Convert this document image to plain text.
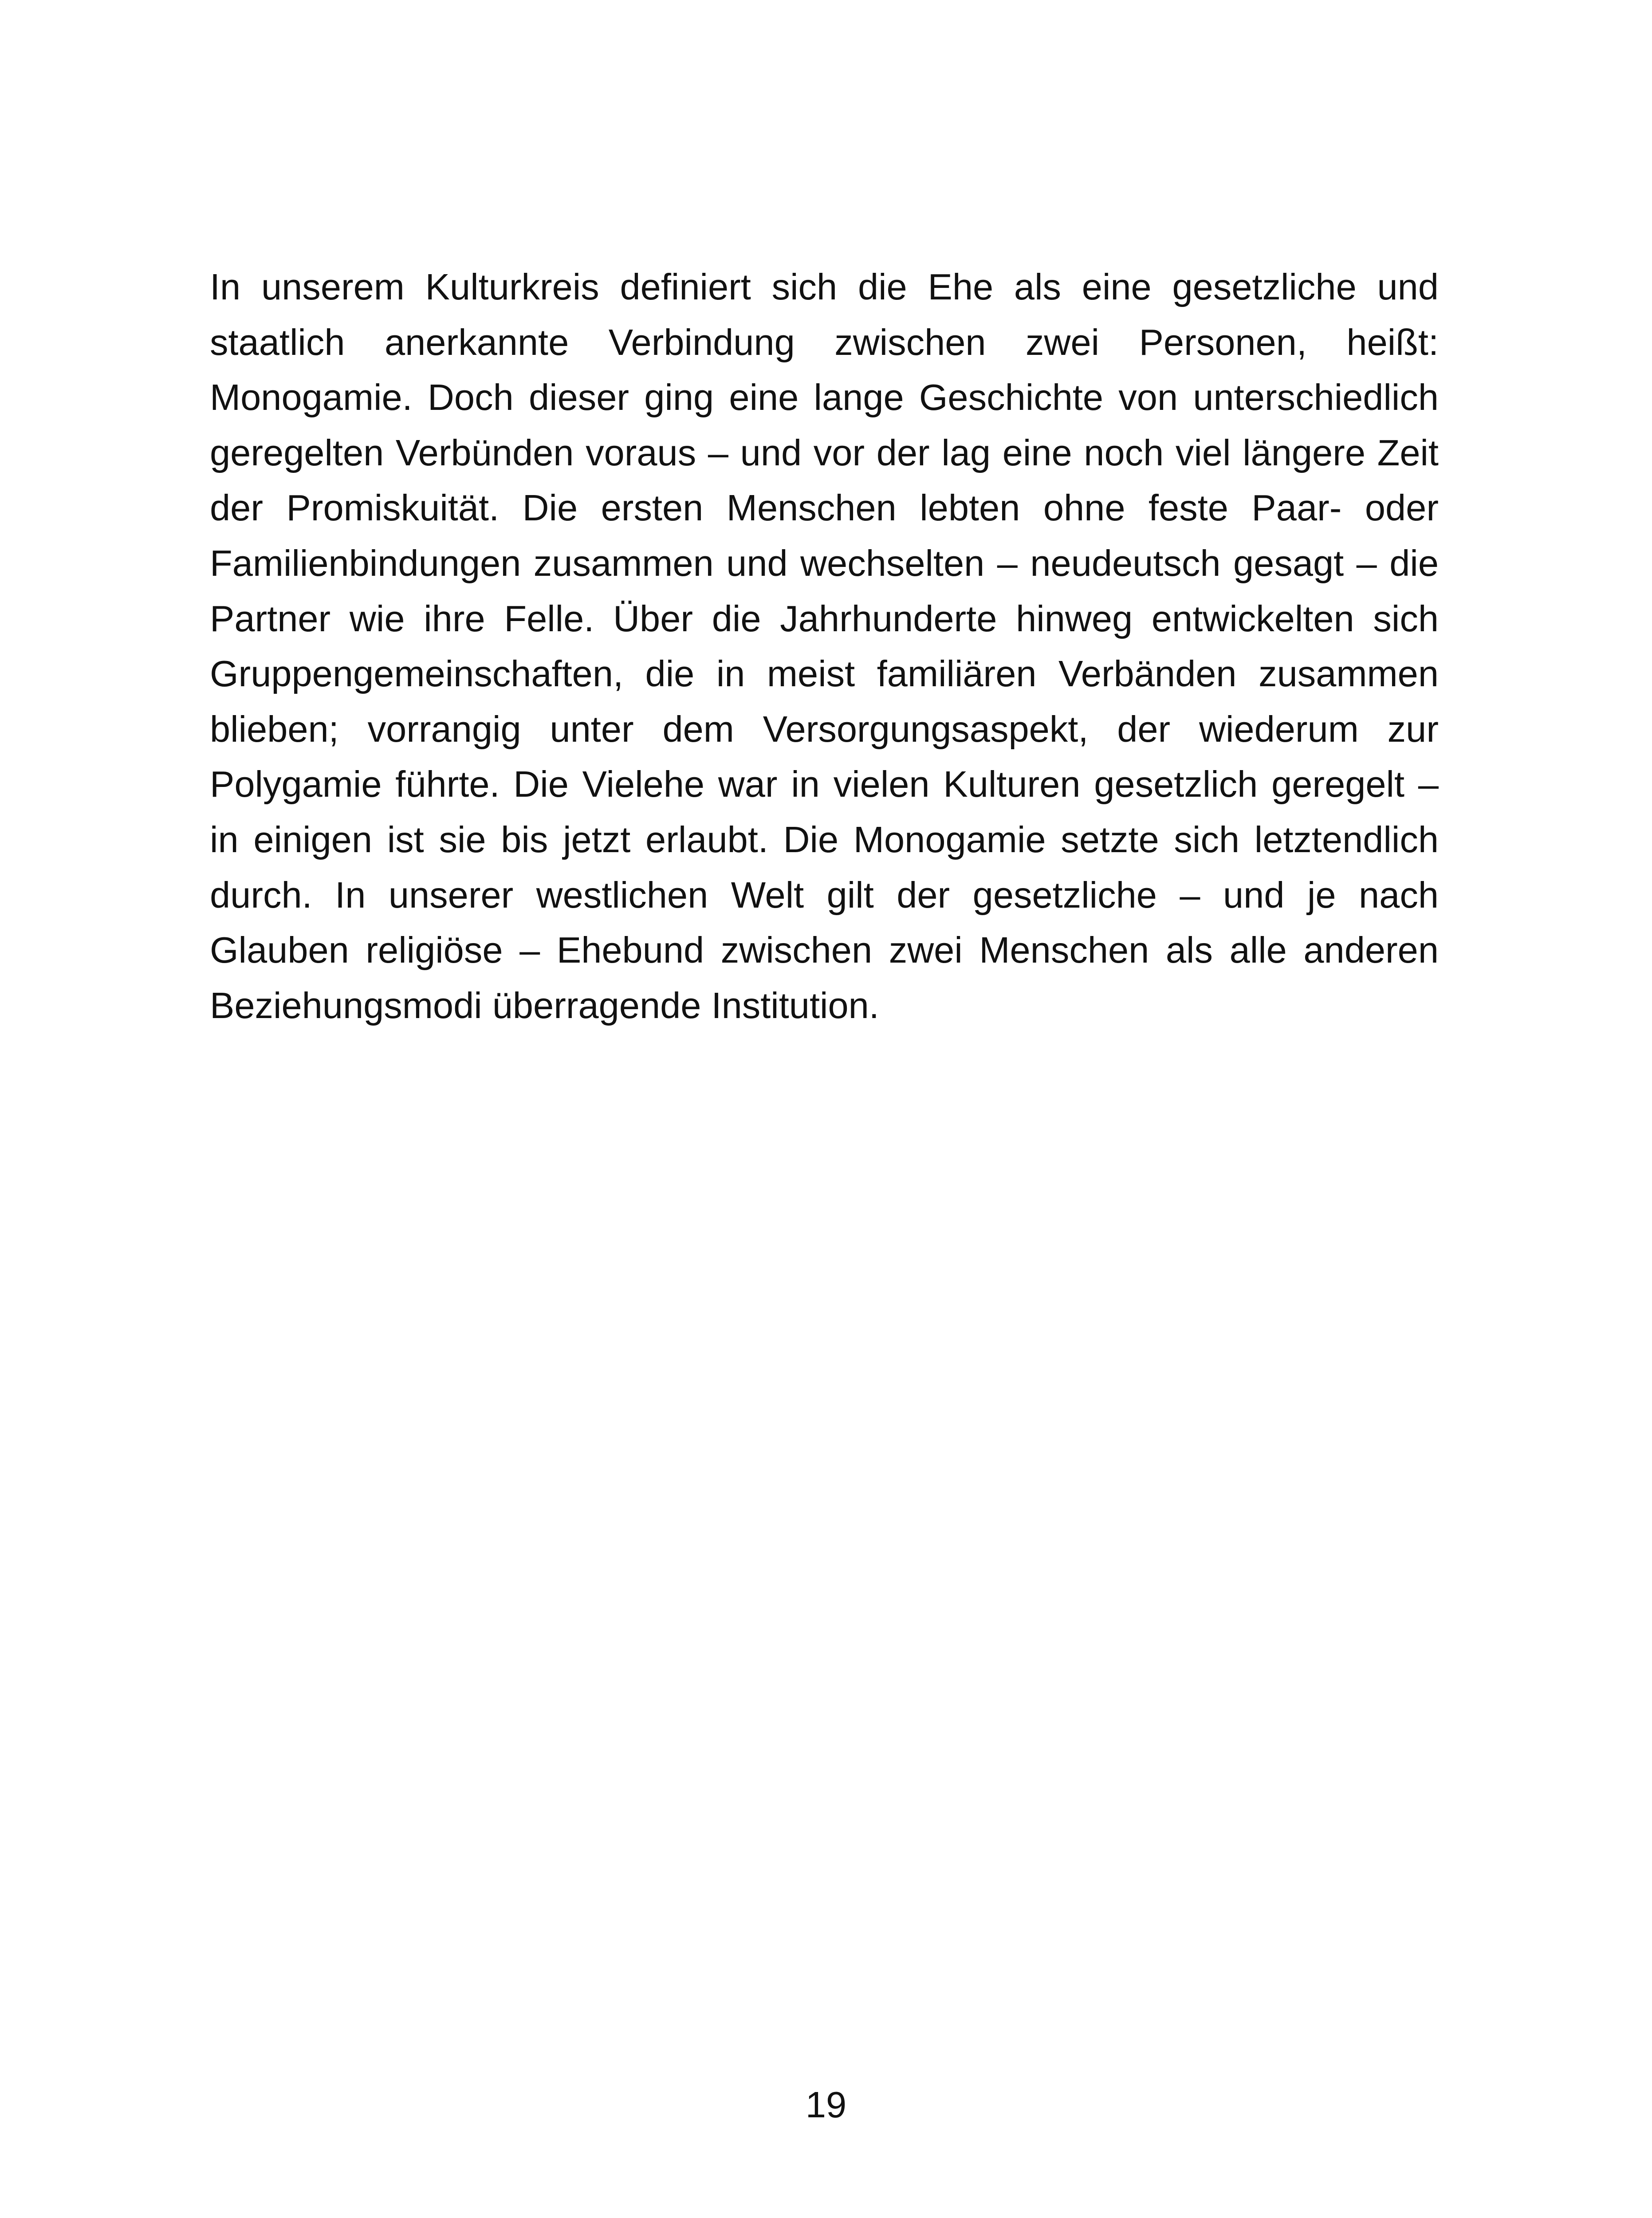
In unserem Kulturkreis definiert sich die Ehe als eine gesetzliche und staatlich anerkannte Verbindung zwischen zwei Personen, heißt: Monogamie. Doch dieser ging eine lange Geschichte von unterschiedlich geregelten Verbünden voraus – und vor der lag eine noch viel längere Zeit der Promiskuität. Die ersten Menschen lebten ohne feste Paar- oder Familienbindungen zusammen und wechselten – neudeutsch gesagt – die Partner wie ihre Felle. Über die Jahrhunderte hinweg entwickelten sich Gruppengemeinschaften, die in meist familiären Verbänden zusammen blieben; vorrangig unter dem Versorgungsaspekt, der wiederum zur Polygamie führte. Die Vielehe war in vielen Kulturen gesetzlich geregelt – in einigen ist sie bis jetzt erlaubt. Die Monogamie setzte sich letztendlich durch. In unserer westlichen Welt gilt der gesetzliche – und je nach Glauben religiöse – Ehebund zwischen zwei Menschen als alle anderen Beziehungsmodi überragende Institution.

19
